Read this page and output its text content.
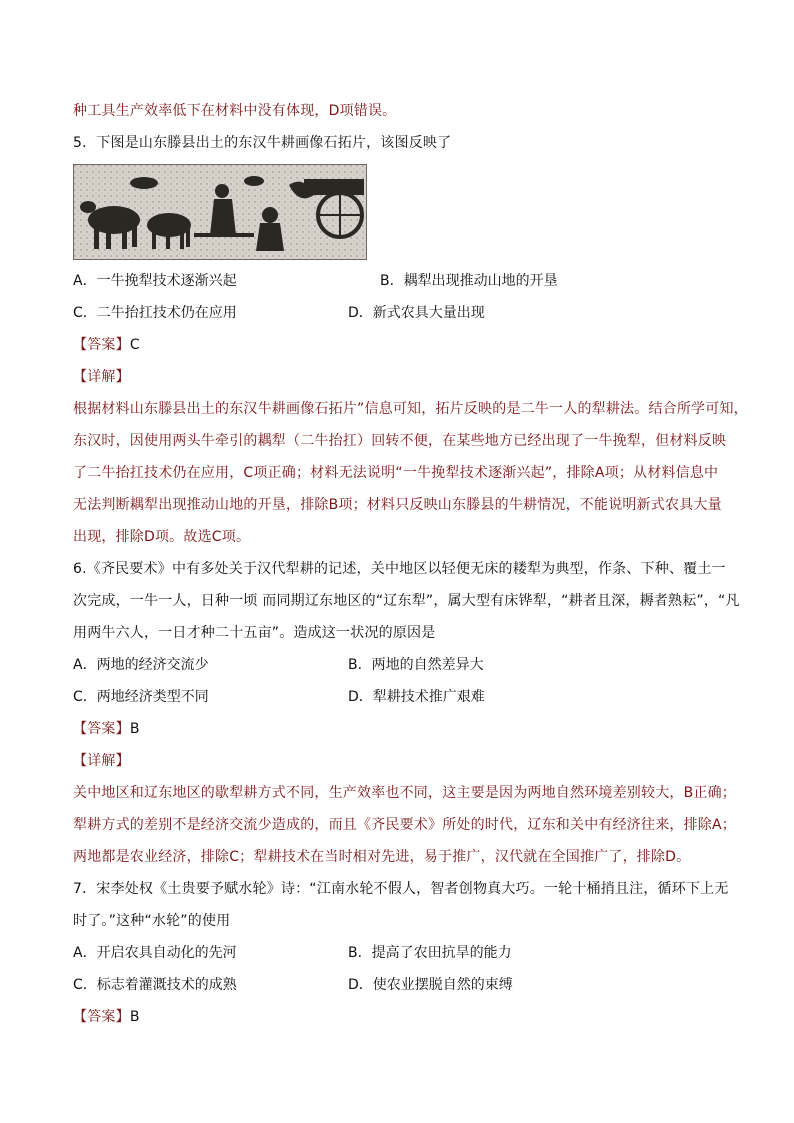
种工具生产效率低下在材料中没有体现，D项错误。
5．下图是山东滕县出土的东汉牛耕画像石拓片，该图反映了
A．一牛挽犁技术逐渐兴起	B．耦犁出现推动山地的开垦
C．二牛抬扛技术仍在应用	D．新式农具大量出现
【答案】C
【详解】
根据材料山东滕县出土的东汉牛耕画像石拓片”信息可知，拓片反映的是二牛一人的犁耕法。结合所学可知，
东汉时，因使用两头牛牵引的耦犁（二牛抬扛）回转不便，在某些地方已经出现了一牛挽犁，但材料反映
了二牛抬扛技术仍在应用，C项正确；材料无法说明“一牛挽犁技术逐渐兴起”，排除A项；从材料信息中
无法判断耦犁出现推动山地的开垦，排除B项；材料只反映山东滕县的牛耕情况，不能说明新式农具大量
出现，排除D项。故选C项。
6.《齐民要术》中有多处关于汉代犁耕的记述，关中地区以轻便无床的耧犁为典型，作条、下种、覆土一
次完成，一牛一人，日种一顷 而同期辽东地区的“辽东犁”，属大型有床铧犁，“耕者且深，耨者熟耘”，“凡
用两牛六人，一日才种二十五亩”。造成这一状况的原因是
A．两地的经济交流少	B．两地的自然差异大
C．两地经济类型不同	D．犁耕技术推广艰难
【答案】B
【详解】
关中地区和辽东地区的歇犁耕方式不同，生产效率也不同，这主要是因为两地自然环境差别较大，B正确；
犁耕方式的差别不是经济交流少造成的，而且《齐民要术》所处的时代，辽东和关中有经济往来，排除A；
两地都是农业经济，排除C；犁耕技术在当时相对先进，易于推广，汉代就在全国推广了，排除D。
7．宋李处权《土贵要予赋水轮》诗：“江南水轮不假人，智者创物真大巧。一轮十桶捎且注，循环下上无
时了。”这种“水轮”的使用
A．开启农具自动化的先河	B．提高了农田抗旱的能力
C．标志着灌溉技术的成熟	D．使农业摆脱自然的束缚
【答案】B
